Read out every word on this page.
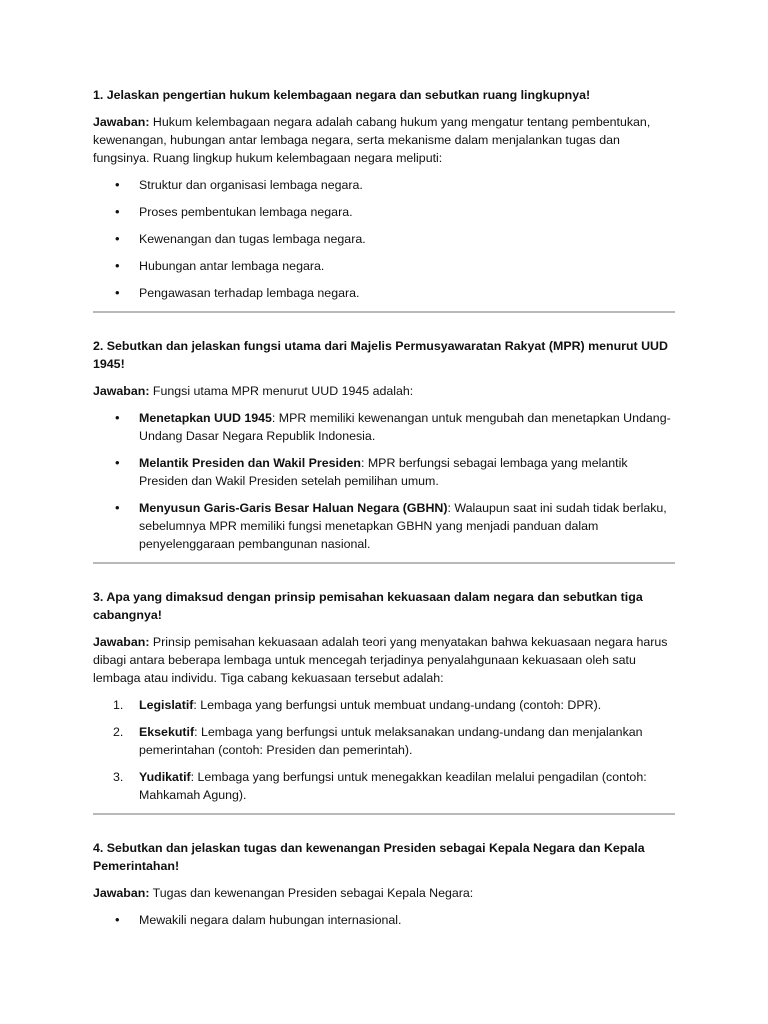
1. Jelaskan pengertian hukum kelembagaan negara dan sebutkan ruang lingkupnya!

Jawaban: Hukum kelembagaan negara adalah cabang hukum yang mengatur tentang pembentukan, kewenangan, hubungan antar lembaga negara, serta mekanisme dalam menjalankan tugas dan fungsinya. Ruang lingkup hukum kelembagaan negara meliputi:

•	Struktur dan organisasi lembaga negara.
•	Proses pembentukan lembaga negara.
•	Kewenangan dan tugas lembaga negara.
•	Hubungan antar lembaga negara.
•	Pengawasan terhadap lembaga negara.

2. Sebutkan dan jelaskan fungsi utama dari Majelis Permusyawaratan Rakyat (MPR) menurut UUD 1945!

Jawaban: Fungsi utama MPR menurut UUD 1945 adalah:

•	Menetapkan UUD 1945: MPR memiliki kewenangan untuk mengubah dan menetapkan Undang-Undang Dasar Negara Republik Indonesia.
•	Melantik Presiden dan Wakil Presiden: MPR berfungsi sebagai lembaga yang melantik Presiden dan Wakil Presiden setelah pemilihan umum.
•	Menyusun Garis-Garis Besar Haluan Negara (GBHN): Walaupun saat ini sudah tidak berlaku, sebelumnya MPR memiliki fungsi menetapkan GBHN yang menjadi panduan dalam penyelenggaraan pembangunan nasional.

3. Apa yang dimaksud dengan prinsip pemisahan kekuasaan dalam negara dan sebutkan tiga cabangnya!

Jawaban: Prinsip pemisahan kekuasaan adalah teori yang menyatakan bahwa kekuasaan negara harus dibagi antara beberapa lembaga untuk mencegah terjadinya penyalahgunaan kekuasaan oleh satu lembaga atau individu. Tiga cabang kekuasaan tersebut adalah:

1.	Legislatif: Lembaga yang berfungsi untuk membuat undang-undang (contoh: DPR).
2.	Eksekutif: Lembaga yang berfungsi untuk melaksanakan undang-undang dan menjalankan pemerintahan (contoh: Presiden dan pemerintah).
3.	Yudikatif: Lembaga yang berfungsi untuk menegakkan keadilan melalui pengadilan (contoh: Mahkamah Agung).

4. Sebutkan dan jelaskan tugas dan kewenangan Presiden sebagai Kepala Negara dan Kepala Pemerintahan!

Jawaban: Tugas dan kewenangan Presiden sebagai Kepala Negara:

•	Mewakili negara dalam hubungan internasional.
